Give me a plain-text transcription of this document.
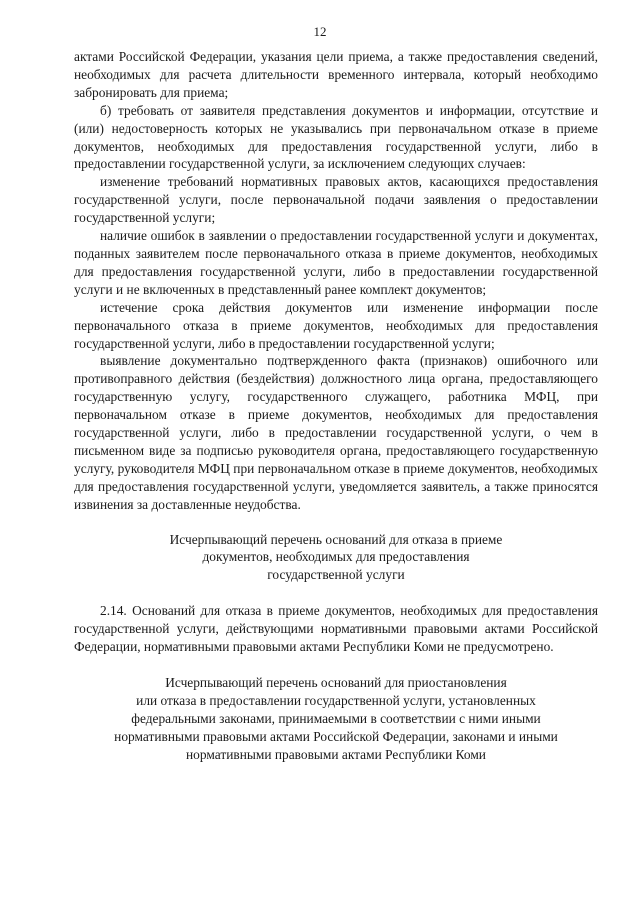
12

актами Российской Федерации, указания цели приема, а также предоставления сведений, необходимых для расчета длительности временного интервала, который необходимо забронировать для приема;

б) требовать от заявителя представления документов и информации, отсутствие и (или) недостоверность которых не указывались при первоначальном отказе в приеме документов, необходимых для предоставления государственной услуги, либо в предоставлении государственной услуги, за исключением следующих случаев:

изменение требований нормативных правовых актов, касающихся предоставления государственной услуги, после первоначальной подачи заявления о предоставлении государственной услуги;

наличие ошибок в заявлении о предоставлении государственной услуги и документах, поданных заявителем после первоначального отказа в приеме документов, необходимых для предоставления государственной услуги, либо в предоставлении государственной услуги и не включенных в представленный ранее комплект документов;

истечение срока действия документов или изменение информации после первоначального отказа в приеме документов, необходимых для предоставления государственной услуги, либо в предоставлении государственной услуги;

выявление документально подтвержденного факта (признаков) ошибочного или противоправного действия (бездействия) должностного лица органа, предоставляющего государственную услугу, государственного служащего, работника МФЦ, при первоначальном отказе в приеме документов, необходимых для предоставления государственной услуги, либо в предоставлении государственной услуги, о чем в письменном виде за подписью руководителя органа, предоставляющего государственную услугу, руководителя МФЦ при первоначальном отказе в приеме документов, необходимых для предоставления государственной услуги, уведомляется заявитель, а также приносятся извинения за доставленные неудобства.

Исчерпывающий перечень оснований для отказа в приеме
документов, необходимых для предоставления
государственной услуги

2.14. Оснований для отказа в приеме документов, необходимых для предоставления государственной услуги, действующими нормативными правовыми актами Российской Федерации, нормативными правовыми актами Республики Коми не предусмотрено.

Исчерпывающий перечень оснований для приостановления
или отказа в предоставлении государственной услуги, установленных
федеральными законами, принимаемыми в соответствии с ними иными
нормативными правовыми актами Российской Федерации, законами и иными
нормативными правовыми актами Республики Коми
